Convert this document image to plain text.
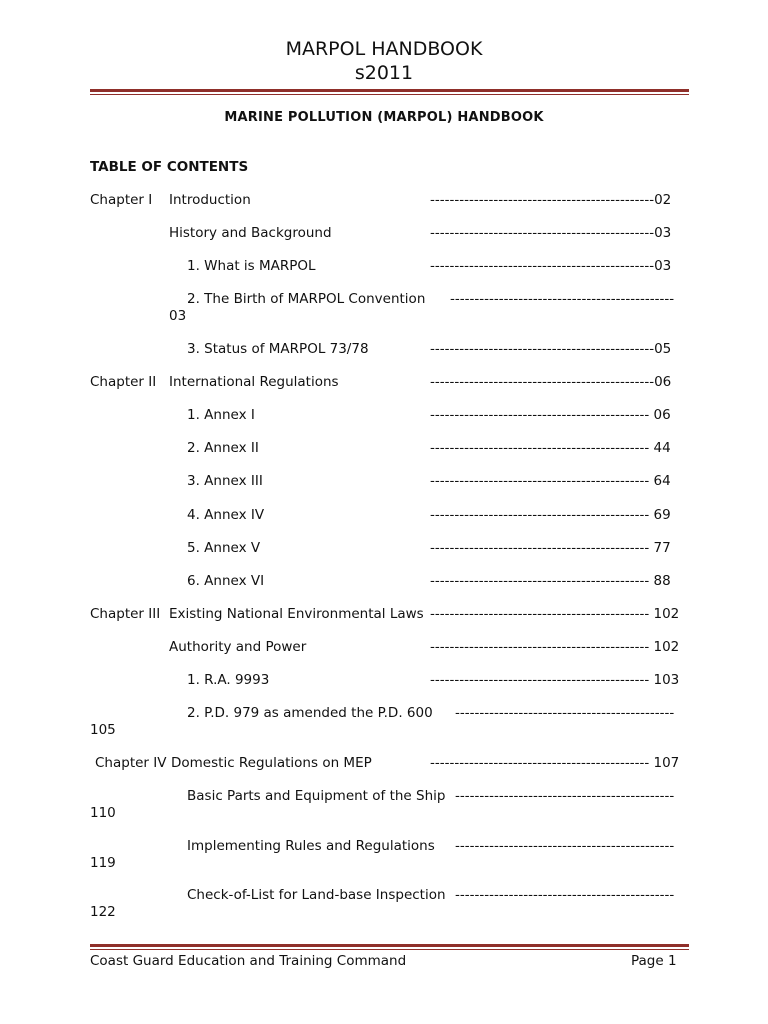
MARPOL HANDBOOK
s2011
MARINE POLLUTION (MARPOL) HANDBOOK
TABLE OF CONTENTS
Chapter I Introduction	----------------------------------------------02
History and Background	----------------------------------------------03
1. What is MARPOL	----------------------------------------------03
2. The Birth of MARPOL Convention ----------------------------------------------
03
3. Status of MARPOL 73/78	----------------------------------------------05
Chapter II International Regulations	----------------------------------------------06
1. Annex I	--------------------------------------------- 06
2. Annex II	--------------------------------------------- 44
3. Annex III	--------------------------------------------- 64
4. Annex IV	--------------------------------------------- 69
5. Annex V	--------------------------------------------- 77
6. Annex VI	--------------------------------------------- 88
Chapter III Existing National Environmental Laws --------------------------------------------- 102
Authority and Power	--------------------------------------------- 102
1. R.A. 9993	--------------------------------------------- 103
2. P.D. 979 as amended the P.D. 600 ---------------------------------------------
105
Chapter IV Domestic Regulations on MEP	--------------------------------------------- 107
Basic Parts and Equipment of the Ship ---------------------------------------------
110
Implementing Rules and Regulations ---------------------------------------------
119
Check-of-List for Land-base Inspection ---------------------------------------------
122
Coast Guard Education and Training Command	Page 1
